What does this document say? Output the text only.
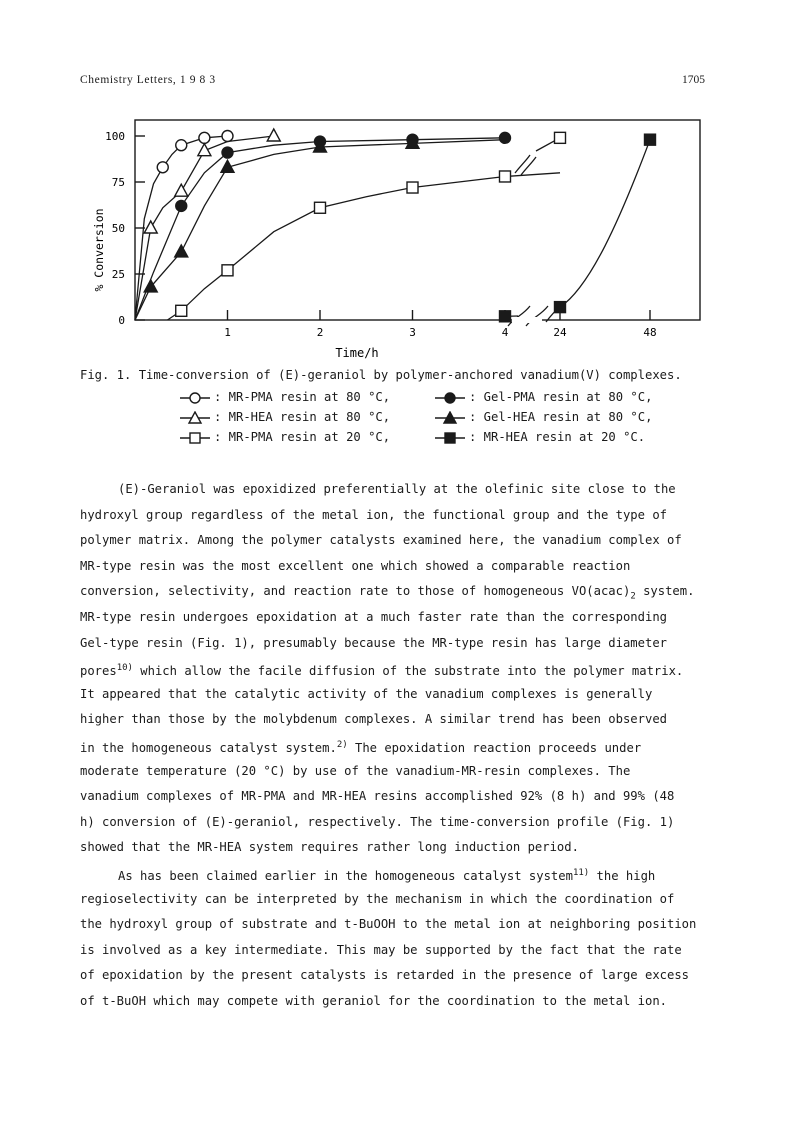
Chemistry Letters, 1 9 8 3	1705
0
25
50
75
100
1	2	3	4	24	48
% Conversion
Time/h
Fig. 1. Time-conversion of (E)-geraniol by polymer-anchored vanadium(V) complexes.
: MR-PMA resin at 80 °C,	: Gel-PMA resin at 80 °C,
: MR-HEA resin at 80 °C,	: Gel-HEA resin at 80 °C,
: MR-PMA resin at 20 °C,	: MR-HEA resin at 20 °C.
(E)-Geraniol was epoxidized preferentially at the olefinic site close to the
hydroxyl group regardless of the metal ion, the functional group and the type of
polymer matrix. Among the polymer catalysts examined here, the vanadium complex of
MR-type resin was the most excellent one which showed a comparable reaction
conversion, selectivity, and reaction rate to those of homogeneous $VO(acac)_2$ system.
MR-type resin undergoes epoxidation at a much faster rate than the corresponding
Gel-type resin (Fig. 1), presumably because the MR-type resin has large diameter
pores$^{10)}$ which allow the facile diffusion of the substrate into the polymer matrix.
It appeared that the catalytic activity of the vanadium complexes is generally
higher than those by the molybdenum complexes. A similar trend has been observed
in the homogeneous catalyst system.$^{2)}$ The epoxidation reaction proceeds under
moderate temperature (20 °C) by use of the vanadium-MR-resin complexes. The
vanadium complexes of MR-PMA and MR-HEA resins accomplished 92% (8 h) and 99% (48
h) conversion of (E)-geraniol, respectively. The time-conversion profile (Fig. 1)
showed that the MR-HEA system requires rather long induction period.
As has been claimed earlier in the homogeneous catalyst system$^{11)}$ the high
regioselectivity can be interpreted by the mechanism in which the coordination of
the hydroxyl group of substrate and t-BuOOH to the metal ion at neighboring position
is involved as a key intermediate. This may be supported by the fact that the rate
of epoxidation by the present catalysts is retarded in the presence of large excess
of t-BuOH which may compete with geraniol for the coordination to the metal ion.
